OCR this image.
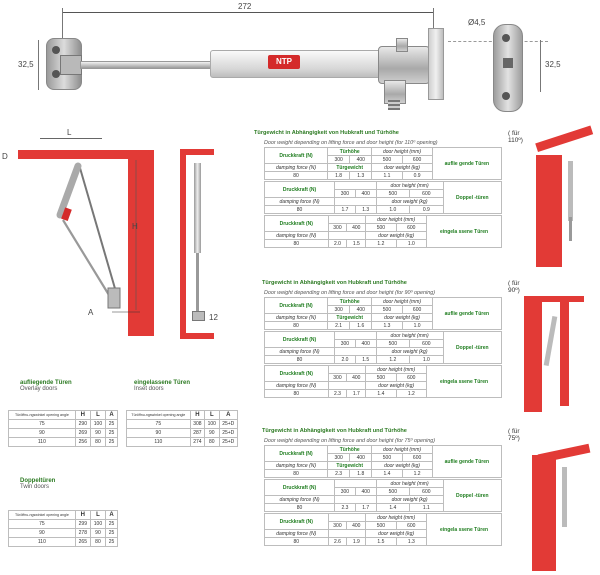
272
32,5	NTP
Ø4,5
32,5
L
D
H
A
12
aufliegende Türen
Overlay doors
Türöffnu-ngswinkel opening angle	H	L	A
75	290	100	25
90	269	90	25
110	256	80	25
eingelassene Türen
Inset doors
Türöffnu-ngswinkel opening angle	H	L	A
75	308	100	25+D
90	287	90	25+D
110	274	80	25+D
Doppeltüren
Twin doors
Türöffnu-ngswinkel opening angle	H	L	A
75	299	100	25
90	278	90	25
110	265	80	25
Türgewicht in Abhängigkeit von Hubkraft und Türhöhe	( für 110º)
Door weight depending on lifting force and door height (for 110º opening)
Druckkraft (N)	Türhöhe		door height (mm)		auflie gende Türen
	300	400	500	600	
damping force (N)	Türgewicht		door weight (kg)		
80	1.8	1.3	1.1	0.9	
Druckkraft (N)			door height (mm)		Doppel -türen
	300	400	500	600	
damping force (N)			door weight (kg)		
80	1.7	1.3	1.0	0.9	
Druckkraft (N)			door height (mm)		eingela ssene Türen
	300	400	500	600	
damping force (N)			door weight (kg)		
80	2.0	1.5	1.2	1.0	
Türgewicht in Abhängigkeit von Hubkraft und Türhöhe	( für 90º)
Door weight depending on lifting force and door height (for 90º opening)
Druckkraft (N)	Türhöhe		door height (mm)		auflie gende Türen
	300	400	500	600	
damping force (N)	Türgewicht		door weight (kg)		
80	2.1	1.6	1.3	1.0	
Druckkraft (N)			door height (mm)		Doppel -türen
	300	400	500	600	
damping force (N)			door weight (kg)		
80	2.0	1.5	1.2	1.0	
Druckkraft (N)			door height (mm)		eingela ssene Türen
	300	400	500	600	
damping force (N)			door weight (kg)		
80	2.3	1.7	1.4	1.2	
Türgewicht in Abhängigkeit von Hubkraft und Türhöhe	( für 75º)
Door weight depending on lifting force and door height (for 75º opening)
Druckkraft (N)	Türhöhe		door height (mm)		auflie gende Türen
	300	400	500	600	
damping force (N)	Türgewicht		door weight (kg)		
80	2.3	1.8	1.4	1.2	
Druckkraft (N)			door height (mm)		Doppel -türen
	300	400	500	600	
damping force (N)			door weight (kg)		
80	2.3	1.7	1.4	1.1	
Druckkraft (N)			door height (mm)		eingela ssene Türen
	300	400	500	600	
damping force (N)			door weight (kg)		
80	2.6	1.9	1.5	1.3	
